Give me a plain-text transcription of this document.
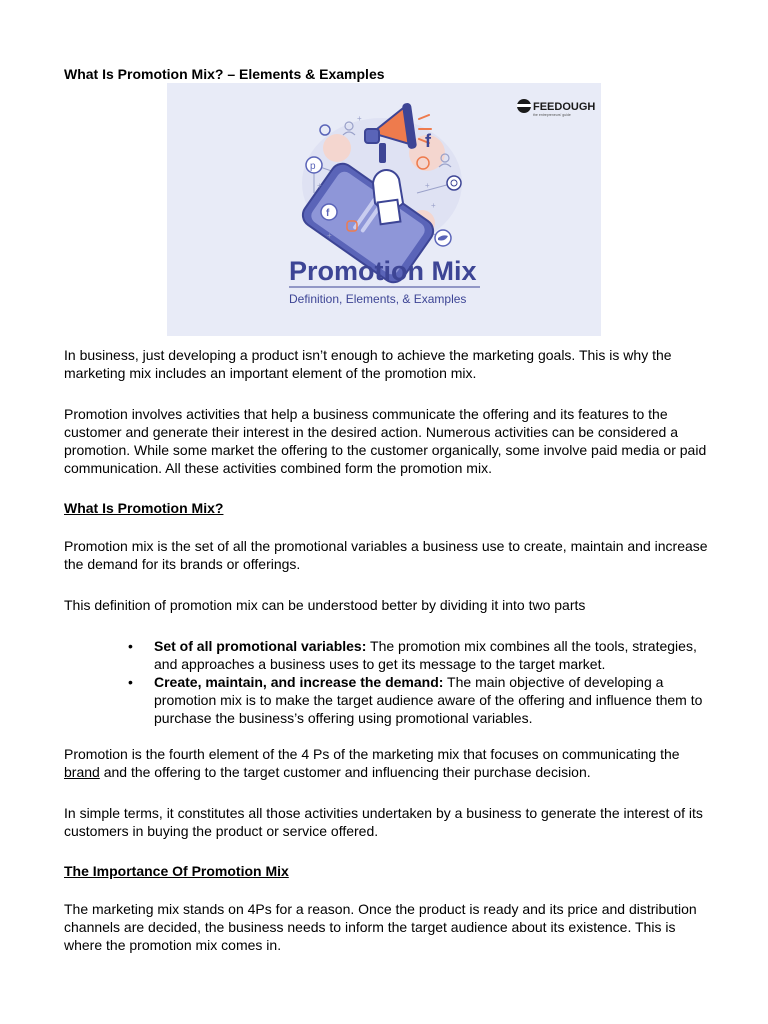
What Is Promotion Mix? – Elements & Examples
f
p
f
+
+
+
+
+
FEEDOUGH
the entrepreneurs' guide
Promotion Mix
Definition, Elements, & Examples

In business, just developing a product isn’t enough to achieve the marketing goals. This is why the marketing mix includes an important element of the promotion mix.

Promotion involves activities that help a business communicate the offering and its features to the customer and generate their interest in the desired action. Numerous activities can be considered a promotion. While some market the offering to the customer organically, some involve paid media or paid communication. All these activities combined form the promotion mix.

What Is Promotion Mix?

Promotion mix is the set of all the promotional variables a business use to create, maintain and increase the demand for its brands or offerings.

This definition of promotion mix can be understood better by dividing it into two parts

• Set of all promotional variables: The promotion mix combines all the tools, strategies, and approaches a business uses to get its message to the target market.
• Create, maintain, and increase the demand: The main objective of developing a promotion mix is to make the target audience aware of the offering and influence them to purchase the business’s offering using promotional variables.

Promotion is the fourth element of the 4 Ps of the marketing mix that focuses on communicating the brand and the offering to the target customer and influencing their purchase decision.

In simple terms, it constitutes all those activities undertaken by a business to generate the interest of its customers in buying the product or service offered.

The Importance Of Promotion Mix

The marketing mix stands on 4Ps for a reason. Once the product is ready and its price and distribution channels are decided, the business needs to inform the target audience about its existence. This is where the promotion mix comes in.
